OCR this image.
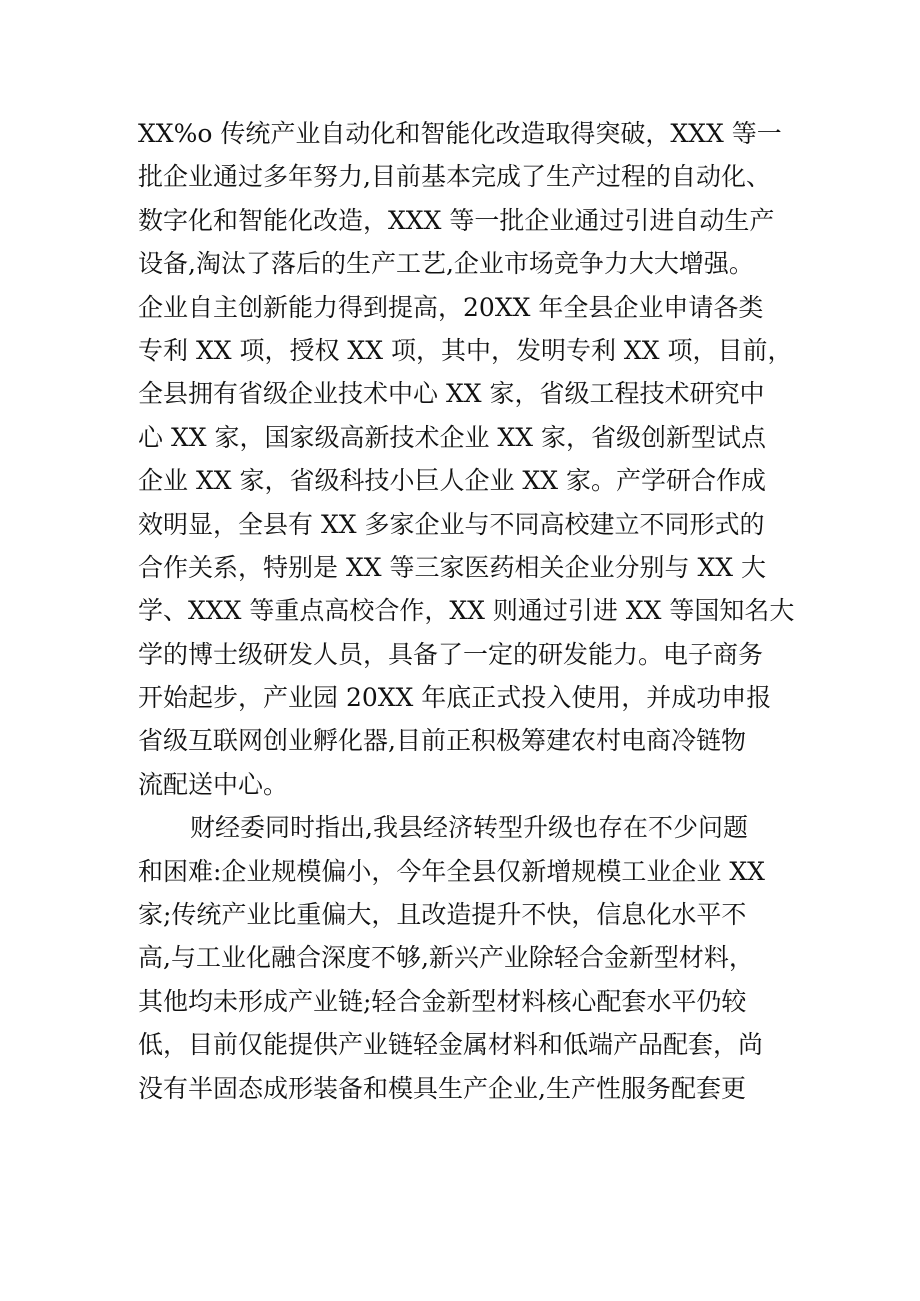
XX%o 传统产业自动化和智能化改造取得突破，XXX 等一
批企业通过多年努力,目前基本完成了生产过程的自动化、
数字化和智能化改造，XXX 等一批企业通过引进自动生产
设备,淘汰了落后的生产工艺,企业市场竞争力大大增强。
企业自主创新能力得到提高，20XX 年全县企业申请各类
专利 XX 项，授权 XX 项，其中，发明专利 XX 项，目前，
全县拥有省级企业技术中心 XX 家，省级工程技术研究中
心 XX 家，国家级高新技术企业 XX 家，省级创新型试点
企业 XX 家，省级科技小巨人企业 XX 家。产学研合作成
效明显，全县有 XX 多家企业与不同高校建立不同形式的
合作关系，特别是 XX 等三家医药相关企业分别与 XX 大
学、XXX 等重点高校合作，XX 则通过引进 XX 等国知名大
学的博士级研发人员，具备了一定的研发能力。电子商务
开始起步，产业园 20XX 年底正式投入使用，并成功申报
省级互联网创业孵化器,目前正积极筹建农村电商冷链物
流配送中心。
财经委同时指出,我县经济转型升级也存在不少问题
和困难:企业规模偏小，今年全县仅新增规模工业企业 XX
家;传统产业比重偏大，且改造提升不快，信息化水平不
高,与工业化融合深度不够,新兴产业除轻合金新型材料，
其他均未形成产业链;轻合金新型材料核心配套水平仍较
低，目前仅能提供产业链轻金属材料和低端产品配套，尚
没有半固态成形装备和模具生产企业,生产性服务配套更
